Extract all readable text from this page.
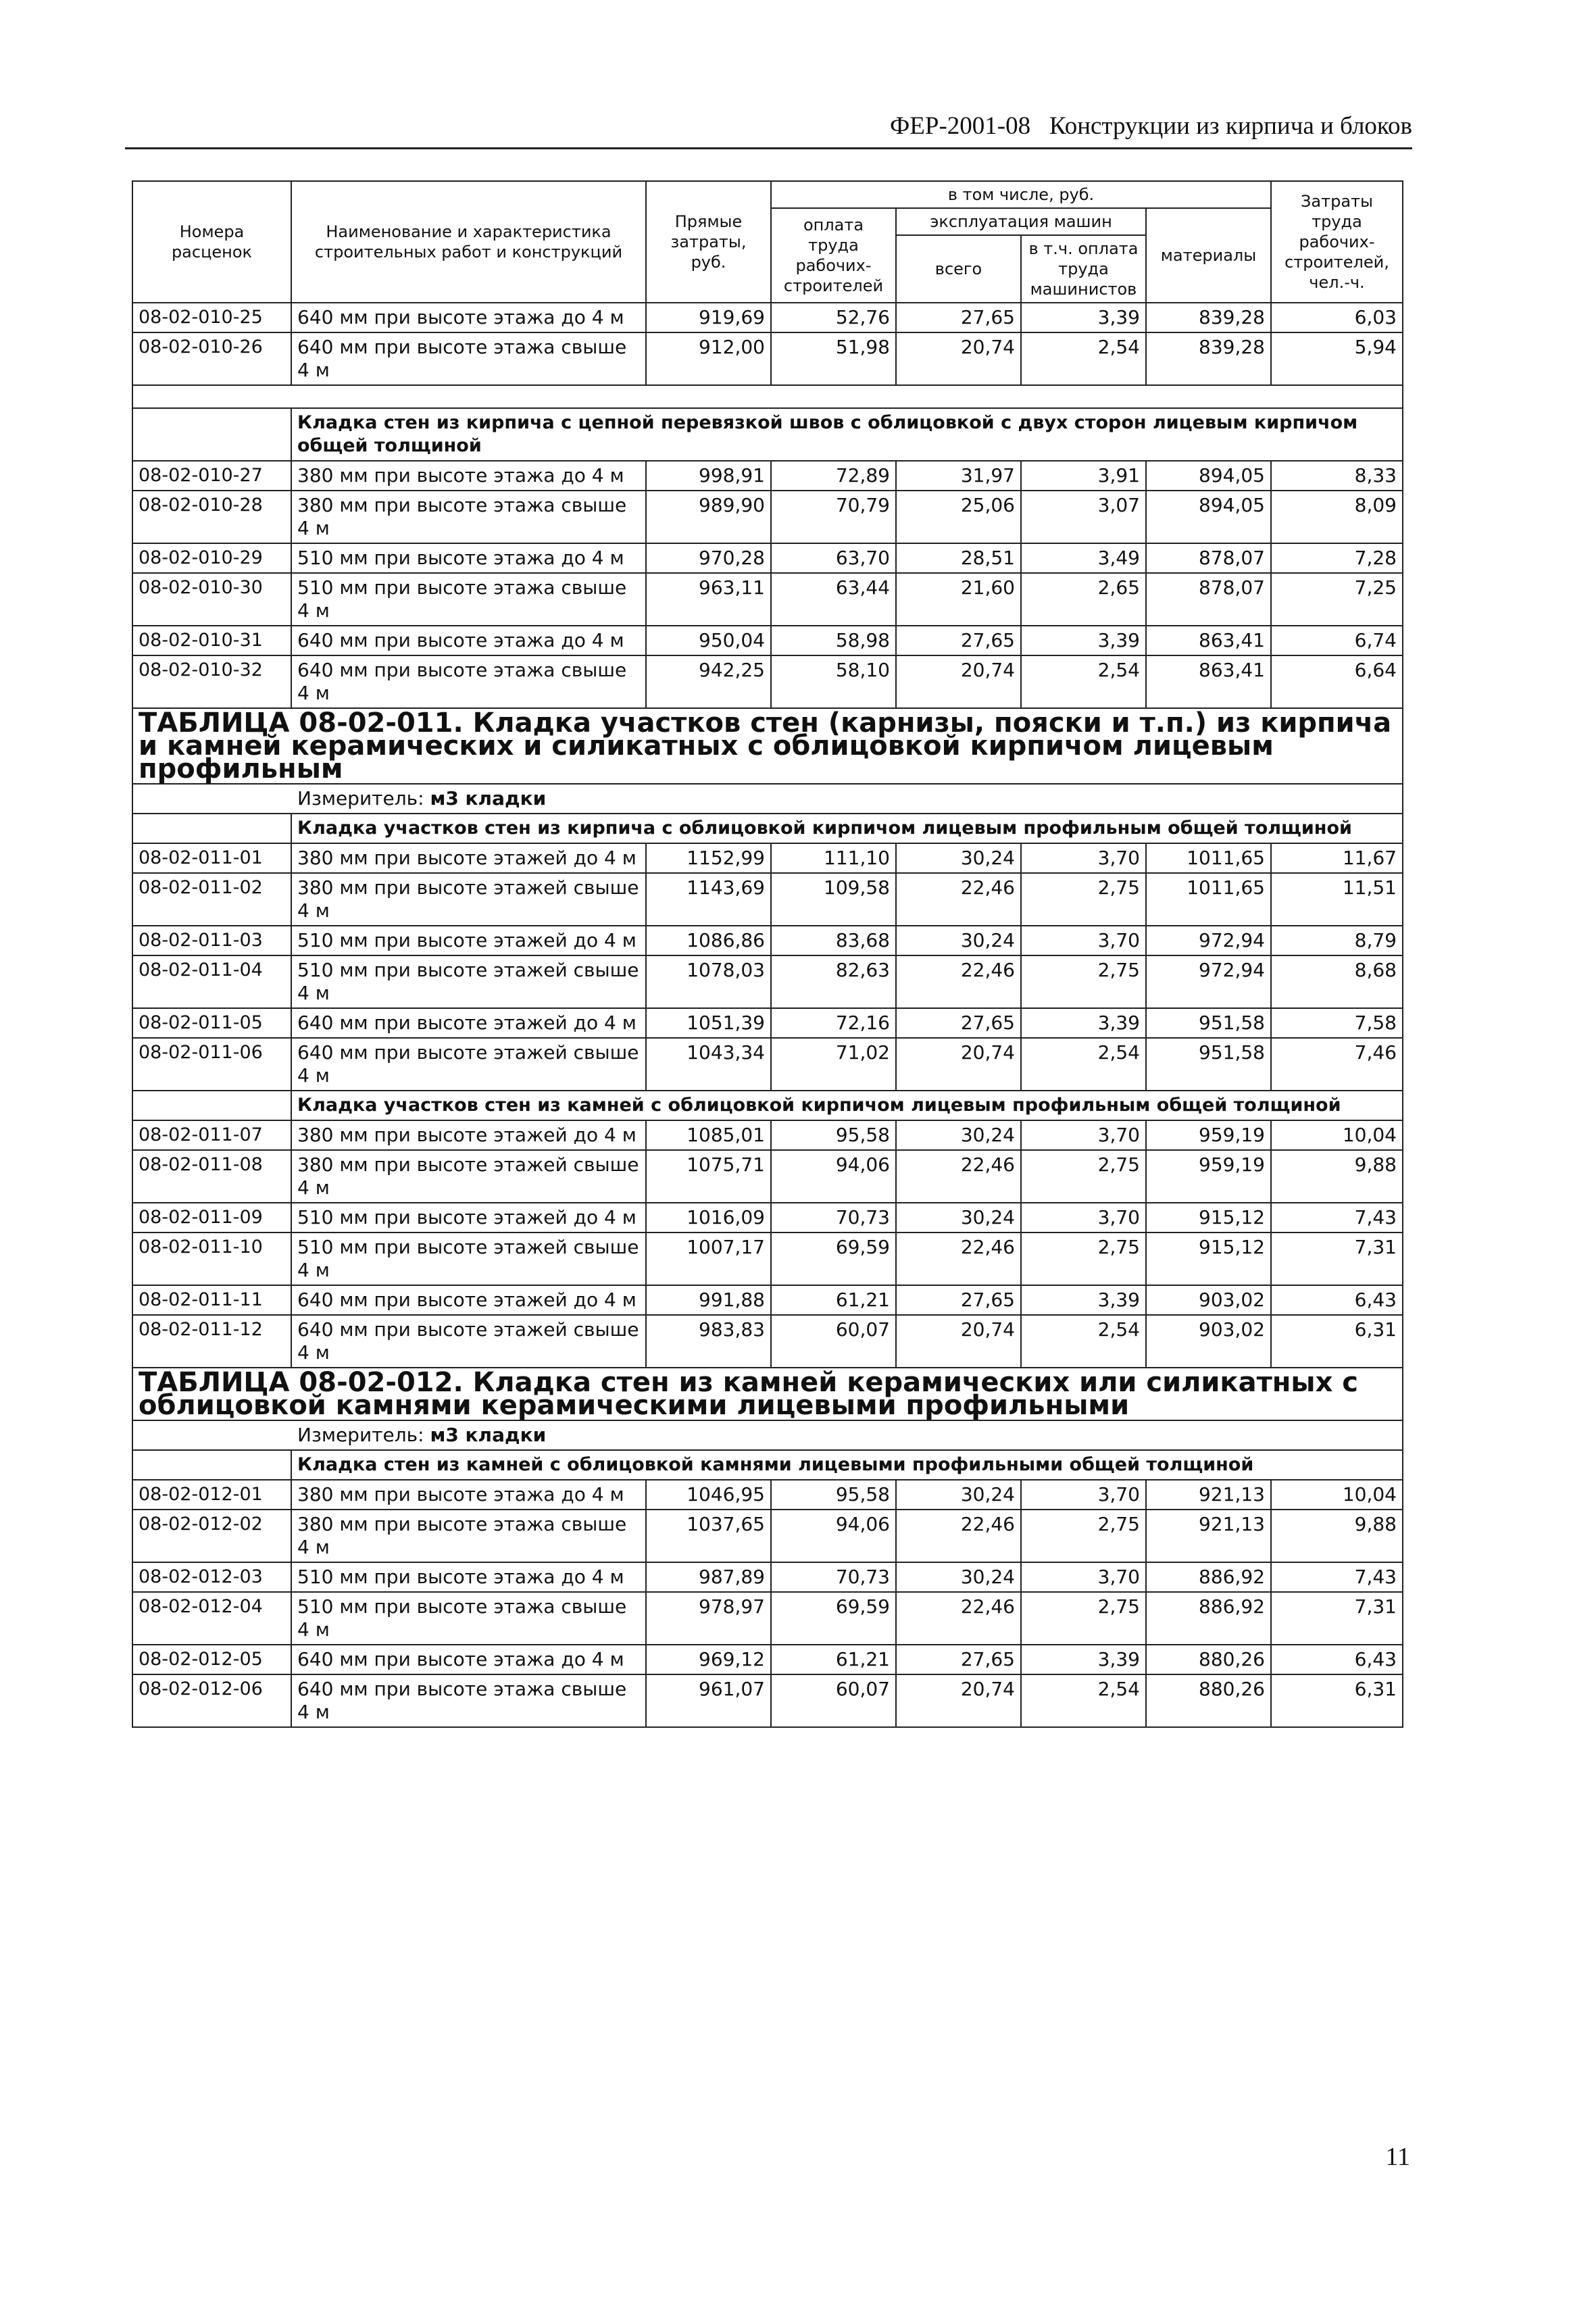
ФЕР-2001-08 Конструкции из кирпича и блоков
Номера расценок	Наименование и характеристика строительных работ и конструкций	Прямые затраты, руб.	в том числе, руб.				Затраты труда рабочих-строителей, чел.-ч.
			оплата труда рабочих-строителей	эксплуатация машин		материалы	
				всего	в т.ч. оплата труда машинистов		
08-02-010-25	640 мм при высоте этажа до 4 м	919,69	52,76	27,65	3,39	839,28	6,03
08-02-010-26	640 мм при высоте этажа свыше 4 м	912,00	51,98	20,74	2,54	839,28	5,94

	Кладка стен из кирпича с цепной перевязкой швов с облицовкой с двух сторон лицевым кирпичом общей толщиной						
08-02-010-27	380 мм при высоте этажа до 4 м	998,91	72,89	31,97	3,91	894,05	8,33
08-02-010-28	380 мм при высоте этажа свыше 4 м	989,90	70,79	25,06	3,07	894,05	8,09
08-02-010-29	510 мм при высоте этажа до 4 м	970,28	63,70	28,51	3,49	878,07	7,28
08-02-010-30	510 мм при высоте этажа свыше 4 м	963,11	63,44	21,60	2,65	878,07	7,25
08-02-010-31	640 мм при высоте этажа до 4 м	950,04	58,98	27,65	3,39	863,41	6,74
08-02-010-32	640 мм при высоте этажа свыше 4 м	942,25	58,10	20,74	2,54	863,41	6,64
ТАБЛИЦА 08-02-011. Кладка участков стен (карнизы, пояски и т.п.) из кирпича и камней керамических и силикатных с облицовкой кирпичом лицевым профильным							
Измеритель: м3 кладки							
	Кладка участков стен из кирпича с облицовкой кирпичом лицевым профильным общей толщиной						
08-02-011-01	380 мм при высоте этажей до 4 м	1152,99	111,10	30,24	3,70	1011,65	11,67
08-02-011-02	380 мм при высоте этажей свыше 4 м	1143,69	109,58	22,46	2,75	1011,65	11,51
08-02-011-03	510 мм при высоте этажей до 4 м	1086,86	83,68	30,24	3,70	972,94	8,79
08-02-011-04	510 мм при высоте этажей свыше 4 м	1078,03	82,63	22,46	2,75	972,94	8,68
08-02-011-05	640 мм при высоте этажей до 4 м	1051,39	72,16	27,65	3,39	951,58	7,58
08-02-011-06	640 мм при высоте этажей свыше 4 м	1043,34	71,02	20,74	2,54	951,58	7,46
	Кладка участков стен из камней с облицовкой кирпичом лицевым профильным общей толщиной						
08-02-011-07	380 мм при высоте этажей до 4 м	1085,01	95,58	30,24	3,70	959,19	10,04
08-02-011-08	380 мм при высоте этажей свыше 4 м	1075,71	94,06	22,46	2,75	959,19	9,88
08-02-011-09	510 мм при высоте этажей до 4 м	1016,09	70,73	30,24	3,70	915,12	7,43
08-02-011-10	510 мм при высоте этажей свыше 4 м	1007,17	69,59	22,46	2,75	915,12	7,31
08-02-011-11	640 мм при высоте этажей до 4 м	991,88	61,21	27,65	3,39	903,02	6,43
08-02-011-12	640 мм при высоте этажей свыше 4 м	983,83	60,07	20,74	2,54	903,02	6,31
ТАБЛИЦА 08-02-012. Кладка стен из камней керамических или силикатных с облицовкой камнями керамическими лицевыми профильными							
Измеритель: м3 кладки							
	Кладка стен из камней с облицовкой камнями лицевыми профильными общей толщиной						
08-02-012-01	380 мм при высоте этажа до 4 м	1046,95	95,58	30,24	3,70	921,13	10,04
08-02-012-02	380 мм при высоте этажа свыше 4 м	1037,65	94,06	22,46	2,75	921,13	9,88
08-02-012-03	510 мм при высоте этажа до 4 м	987,89	70,73	30,24	3,70	886,92	7,43
08-02-012-04	510 мм при высоте этажа свыше 4 м	978,97	69,59	22,46	2,75	886,92	7,31
08-02-012-05	640 мм при высоте этажа до 4 м	969,12	61,21	27,65	3,39	880,26	6,43
08-02-012-06	640 мм при высоте этажа свыше 4 м	961,07	60,07	20,74	2,54	880,26	6,31
11
